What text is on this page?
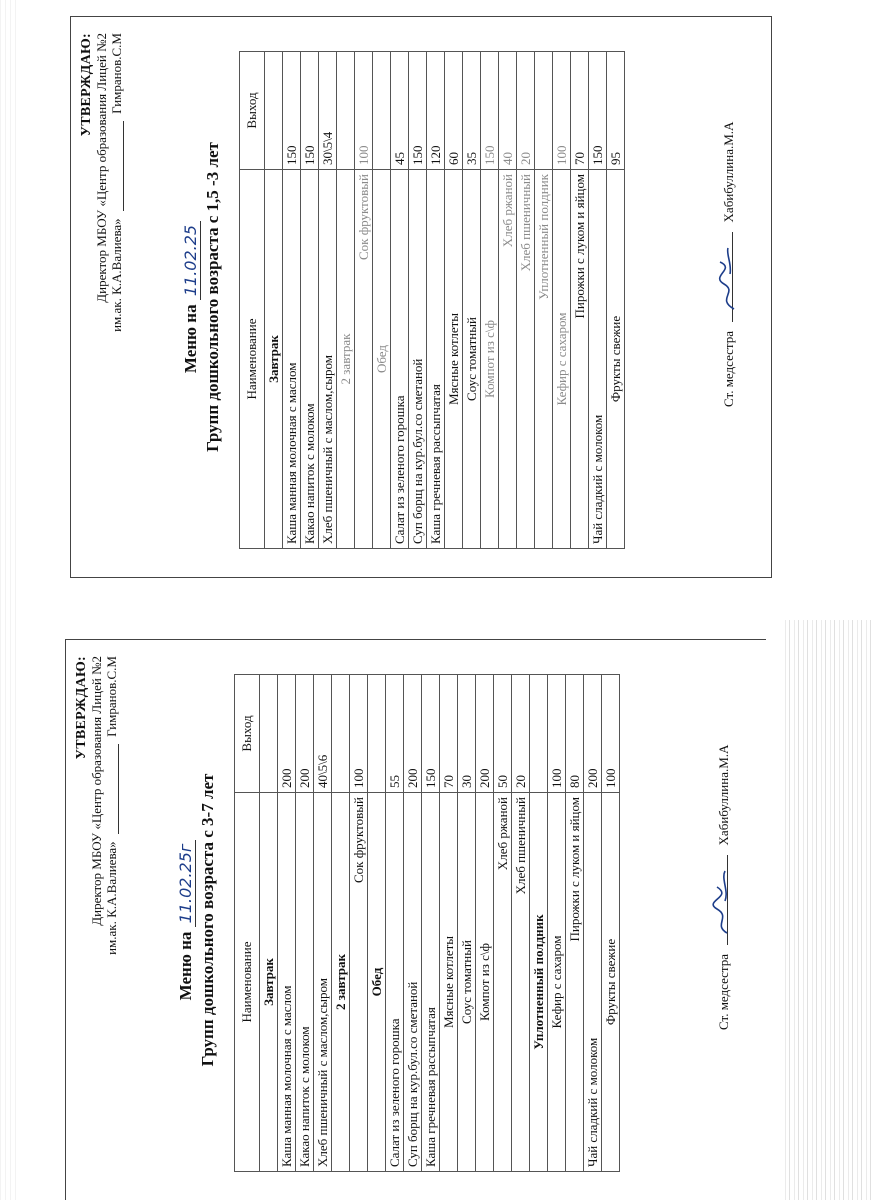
УТВЕРЖДАЮ: Директор МБОУ «Центр образования Лицей №2 им.ак. К.А.Валиева»  Гимранов.С.М
Меню на 11.02.25 Групп дошкольного возраста с 1,5 -3 лет Наименование	Выход
Завтрак	
Каша манная молочная с маслом	150
Какао напиток с молоком	150
Хлеб пшеничный с маслом,сыром	30\5\4
2 завтрак	
Сок фруктовый	100
Обед	
Салат из зеленого горошка	45
Суп борщ на кур.бул.со сметаной	150
Каша гречневая рассыпчатая	120
Мясные котлеты	60
Соус томатный	35
Компот из с\ф	150
Хлеб ржаной	40
Хлеб пшеничный	20
Уплотненный полдник	
Кефир с сахаром	100
Пирожки с луком и яйцом	70
Чай сладкий с молоком	150
Фрукты свежие	95
Ст. медсестра
Хабибуллина.М.А
УТВЕРЖДАЮ: Директор МБОУ «Центр образования Лицей №2 им.ак. К.А.Валиева»  Гимранов.С.М
Меню на 11.02.25г Групп дошкольного возраста с 3-7 лет Наименование	Выход
Завтрак	
Каша манная молочная с маслом	200
Какао напиток с молоком	200
Хлеб пшеничный с маслом,сыром	40\5\6
2 завтрак	
Сок фруктовый	100
Обед	
Салат из зеленого горошка	55
Суп борщ на кур.бул.со сметаной	200
Каша гречневая рассыпчатая	150
Мясные котлеты	70
Соус томатный	30
Компот из с\ф	200
Хлеб ржаной	50
Хлеб пшеничный	20
Уплотненный полдник	
Кефир с сахаром	100
Пирожки с луком и яйцом	80
Чай сладкий с молоком	200
Фрукты свежие	100
Ст. медсестра
Хабибуллина.М.А
